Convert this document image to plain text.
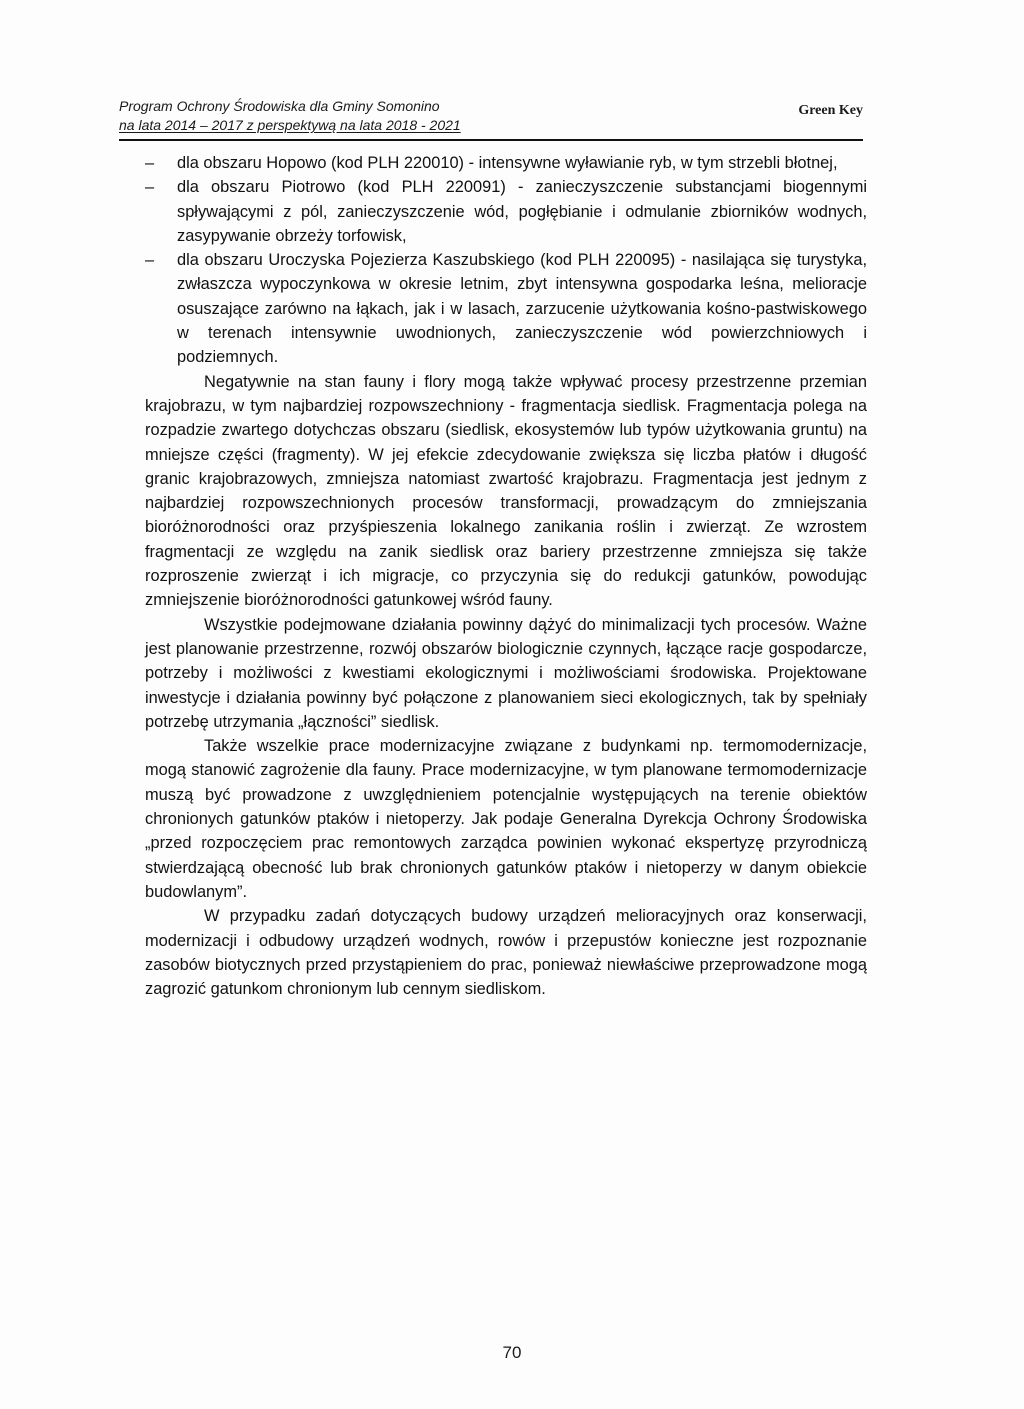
Program Ochrony Środowiska dla Gminy Somonino
na lata 2014 – 2017 z perspektywą na lata 2018 - 2021
Green Key
– dla obszaru Hopowo (kod PLH 220010) - intensywne wyławianie ryb, w tym strzebli błotnej,
– dla obszaru Piotrowo (kod PLH 220091) - zanieczyszczenie substancjami biogennymi spływającymi z pól, zanieczyszczenie wód, pogłębianie i odmulanie zbiorników wodnych, zasypywanie obrzeży torfowisk,
– dla obszaru Uroczyska Pojezierza Kaszubskiego (kod PLH 220095) - nasilająca się turystyka, zwłaszcza wypoczynkowa w okresie letnim, zbyt intensywna gospodarka leśna, melioracje osuszające zarówno na łąkach, jak i w lasach, zarzucenie użytkowania kośno-pastwiskowego w terenach intensywnie uwodnionych, zanieczyszczenie wód powierzchniowych i podziemnych.

Negatywnie na stan fauny i flory mogą także wpływać procesy przestrzenne przemian krajobrazu, w tym najbardziej rozpowszechniony - fragmentacja siedlisk. Fragmentacja polega na rozpadzie zwartego dotychczas obszaru (siedlisk, ekosystemów lub typów użytkowania gruntu) na mniejsze części (fragmenty). W jej efekcie zdecydowanie zwiększa się liczba płatów i długość granic krajobrazowych, zmniejsza natomiast zwartość krajobrazu. Fragmentacja jest jednym z najbardziej rozpowszechnionych procesów transformacji, prowadzącym do zmniejszania bioróżnorodności oraz przyśpieszenia lokalnego zanikania roślin i zwierząt. Ze wzrostem fragmentacji ze względu na zanik siedlisk oraz bariery przestrzenne zmniejsza się także rozproszenie zwierząt i ich migracje, co przyczynia się do redukcji gatunków, powodując zmniejszenie bioróżnorodności gatunkowej wśród fauny.

Wszystkie podejmowane działania powinny dążyć do minimalizacji tych procesów. Ważne jest planowanie przestrzenne, rozwój obszarów biologicznie czynnych, łączące racje gospodarcze, potrzeby i możliwości z kwestiami ekologicznymi i możliwościami środowiska. Projektowane inwestycje i działania powinny być połączone z planowaniem sieci ekologicznych, tak by spełniały potrzebę utrzymania „łączności” siedlisk.

Także wszelkie prace modernizacyjne związane z budynkami np. termomodernizacje, mogą stanowić zagrożenie dla fauny. Prace modernizacyjne, w tym planowane termomodernizacje muszą być prowadzone z uwzględnieniem potencjalnie występujących na terenie obiektów chronionych gatunków ptaków i nietoperzy. Jak podaje Generalna Dyrekcja Ochrony Środowiska „przed rozpoczęciem prac remontowych zarządca powinien wykonać ekspertyzę przyrodniczą stwierdzającą obecność lub brak chronionych gatunków ptaków i nietoperzy w danym obiekcie budowlanym”.

W przypadku zadań dotyczących budowy urządzeń melioracyjnych oraz konserwacji, modernizacji i odbudowy urządzeń wodnych, rowów i przepustów konieczne jest rozpoznanie zasobów biotycznych przed przystąpieniem do prac, ponieważ niewłaściwe przeprowadzone mogą zagrozić gatunkom chronionym lub cennym siedliskom.

70
